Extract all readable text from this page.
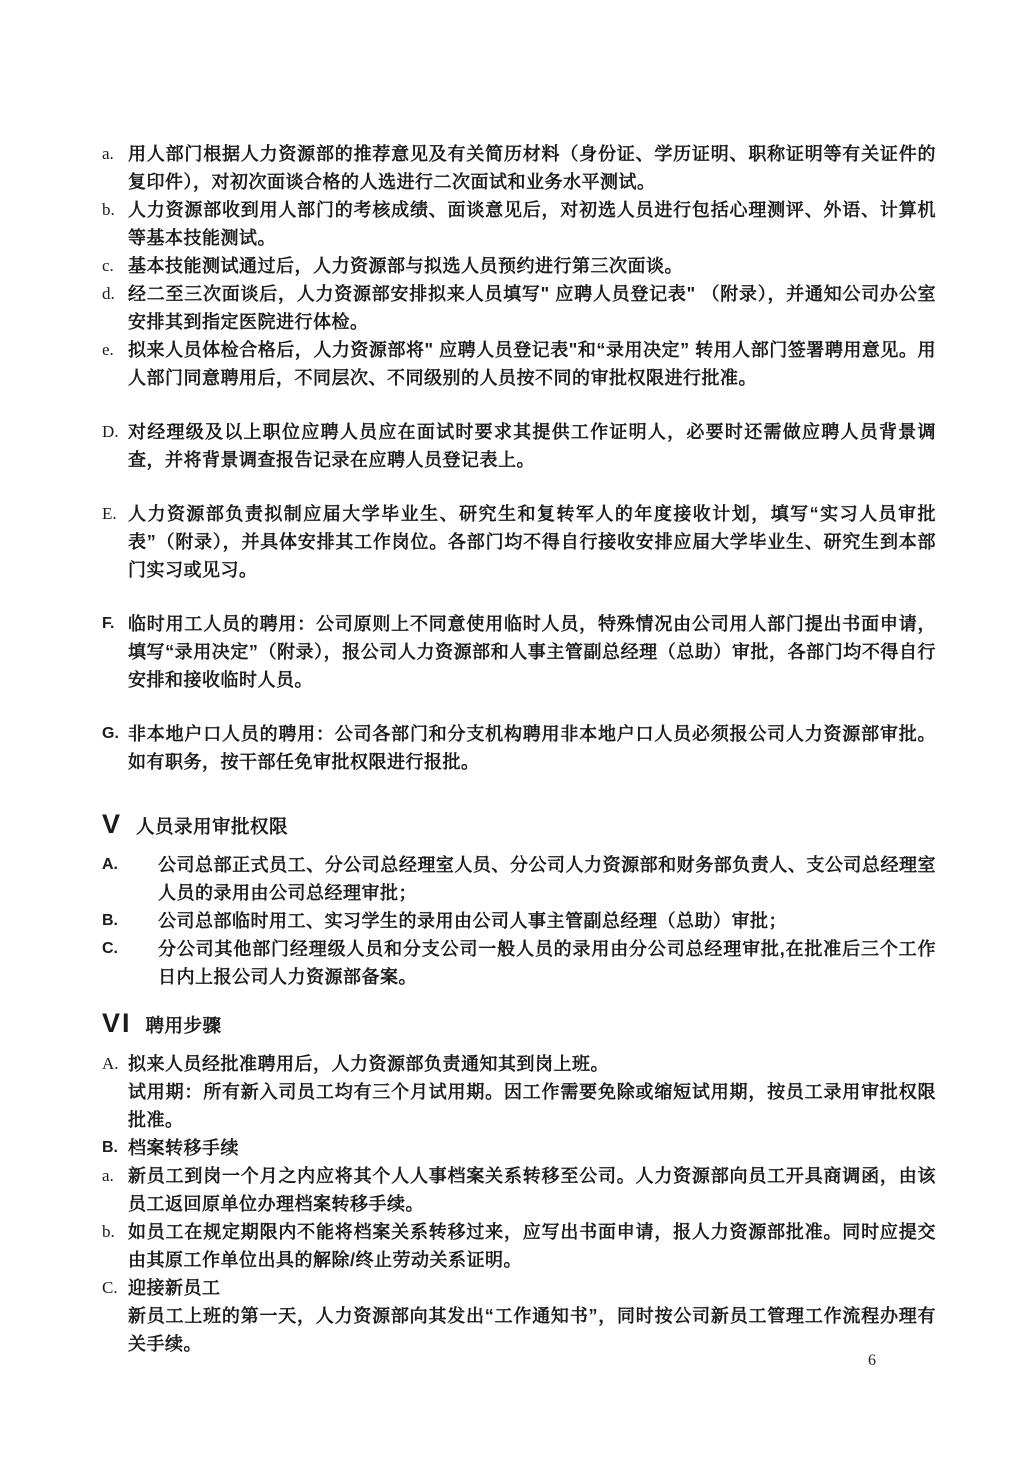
a. 用人部门根据人力资源部的推荐意见及有关简历材料（身份证、学历证明、职称证明等有关证件的复印件），对初次面谈合格的人选进行二次面试和业务水平测试。
b. 人力资源部收到用人部门的考核成绩、面谈意见后，对初选人员进行包括心理测评、外语、计算机等基本技能测试。
c. 基本技能测试通过后，人力资源部与拟选人员预约进行第三次面谈。
d. 经二至三次面谈后，人力资源部安排拟来人员填写" 应聘人员登记表" （附录），并通知公司办公室安排其到指定医院进行体检。
e. 拟来人员体检合格后，人力资源部将" 应聘人员登记表"和“录用决定” 转用人部门签署聘用意见。用人部门同意聘用后，不同层次、不同级别的人员按不同的审批权限进行批准。
D. 对经理级及以上职位应聘人员应在面试时要求其提供工作证明人，必要时还需做应聘人员背景调查，并将背景调查报告记录在应聘人员登记表上。
E. 人力资源部负责拟制应届大学毕业生、研究生和复转军人的年度接收计划，填写“实习人员审批表”（附录），并具体安排其工作岗位。各部门均不得自行接收安排应届大学毕业生、研究生到本部门实习或见习。
F. 临时用工人员的聘用：公司原则上不同意使用临时人员，特殊情况由公司用人部门提出书面申请，填写“录用决定”（附录），报公司人力资源部和人事主管副总经理（总助）审批，各部门均不得自行安排和接收临时人员。
G. 非本地户口人员的聘用：公司各部门和分支机构聘用非本地户口人员必须报公司人力资源部审批。如有职务，按干部任免审批权限进行报批。
V 人员录用审批权限
A.	公司总部正式员工、分公司总经理室人员、分公司人力资源部和财务部负责人、支公司总经理室人员的录用由公司总经理审批；
B.	公司总部临时用工、实习学生的录用由公司人事主管副总经理（总助）审批；
C.	分公司其他部门经理级人员和分支公司一般人员的录用由分公司总经理审批,在批准后三个工作日内上报公司人力资源部备案。
VI 聘用步骤
A. 拟来人员经批准聘用后，人力资源部负责通知其到岗上班。
试用期：所有新入司员工均有三个月试用期。因工作需要免除或缩短试用期，按员工录用审批权限批准。
B. 档案转移手续
a. 新员工到岗一个月之内应将其个人人事档案关系转移至公司。人力资源部向员工开具商调函，由该员工返回原单位办理档案转移手续。
b. 如员工在规定期限内不能将档案关系转移过来，应写出书面申请，报人力资源部批准。同时应提交由其原工作单位出具的解除/终止劳动关系证明。
C. 迎接新员工
新员工上班的第一天，人力资源部向其发出“工作通知书”，同时按公司新员工管理工作流程办理有关手续。
6
